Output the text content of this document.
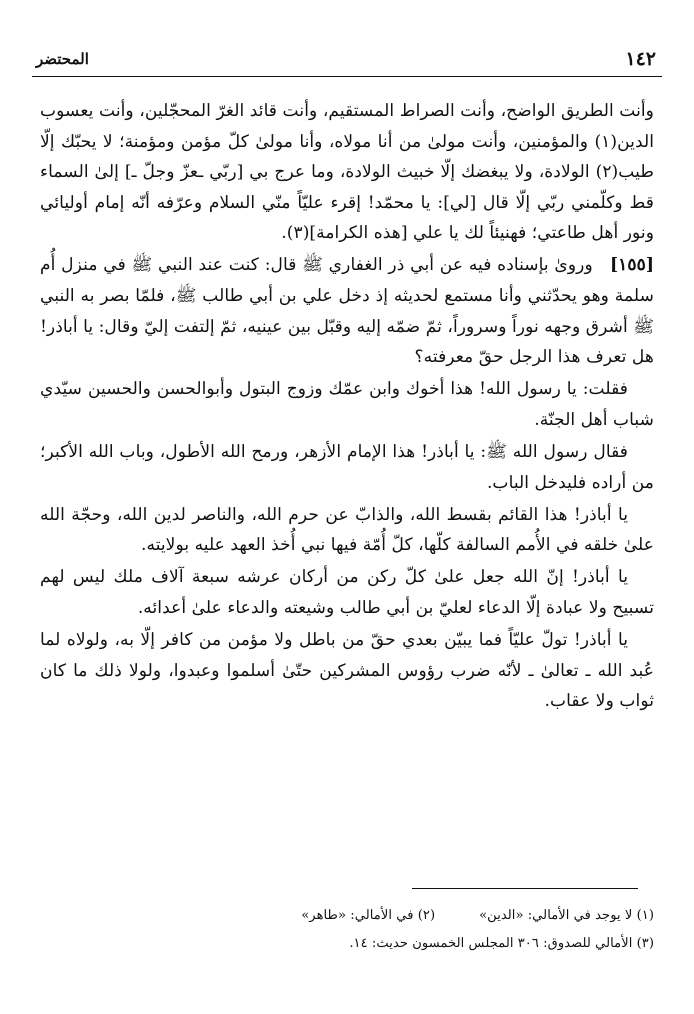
١٤٢
المحتضر

وأنت الطريق الواضح، وأنت الصراط المستقيم، وأنت قائد الغرّ المحجّلين، وأنت يعسوب الدين(١) والمؤمنين، وأنت مولىٰ من أنا مولاه، وأنا مولىٰ كلّ مؤمن ومؤمنة؛ لا يحبّك إلّا طيب(٢) الولادة، ولا يبغضك إلّا خبيث الولادة، وما عرج بي [ربّي ـعزّ وجلّ ـ] إلىٰ السماء قط وكلّمني ربّي إلّا قال [لي]: يا محمّد! إقرء عليّاً منّي السلام وعرّفه أنّه إمام أوليائي ونور أهل طاعتي؛ فهنيئاً لك يا علي [هذه الكرامة](٣).

[١٥٥]   وروىٰ بإسناده فيه عن أبي ذر الغفاري ﷺ قال: كنت عند النبي ﷺ في منزل أُم سلمة وهو يحدّثني وأنا مستمع لحديثه إذ دخل علي بن أبي طالب ﷺ، فلمّا بصر به النبي ﷺ أشرق وجهه نوراً وسروراً، ثمّ ضمّه إليه وقبّل بين عينيه، ثمّ إلتفت إليّ وقال: يا أباذر! هل تعرف هذا الرجل حقّ معرفته؟

فقلت: يا رسول الله! هذا أخوك وابن عمّك وزوج البتول وأبوالحسن والحسين سيّدي شباب أهل الجنّة.

فقال رسول الله ﷺ: يا أباذر! هذا الإمام الأزهر، ورمح الله الأطول، وباب الله الأكبر؛ من أراده فليدخل الباب.

يا أباذر! هذا القائم بقسط الله، والذابّ عن حرم الله، والناصر لدين الله، وحجّة الله علىٰ خلقه في الأُمم السالفة كلّها، كلّ أُمّة فيها نبي أُخذ العهد عليه بولايته.

يا أباذر! إنّ الله جعل علىٰ كلّ ركن من أركان عرشه سبعة آلاف ملك ليس لهم تسبيح ولا عبادة إلّا الدعاء لعليّ بن أبي طالب وشيعته والدعاء علىٰ أعدائه.

يا أباذر! تولّ عليّاً فما يبيّن بعدي حقّ من باطل ولا مؤمن من كافر إلّا به، ولولاه لما عُبد الله ـ تعالىٰ ـ لأنّه ضرب رؤوس المشركين حتّىٰ أسلموا وعبدوا، ولولا ذلك ما كان ثواب ولا عقاب.

(١) لا يوجد في الأمالي: «الدين»(٢) في الأمالي: «طاهر»
(٣) الأمالي للصدوق: ٣٠٦ المجلس الخمسون حديث: ١٤.
